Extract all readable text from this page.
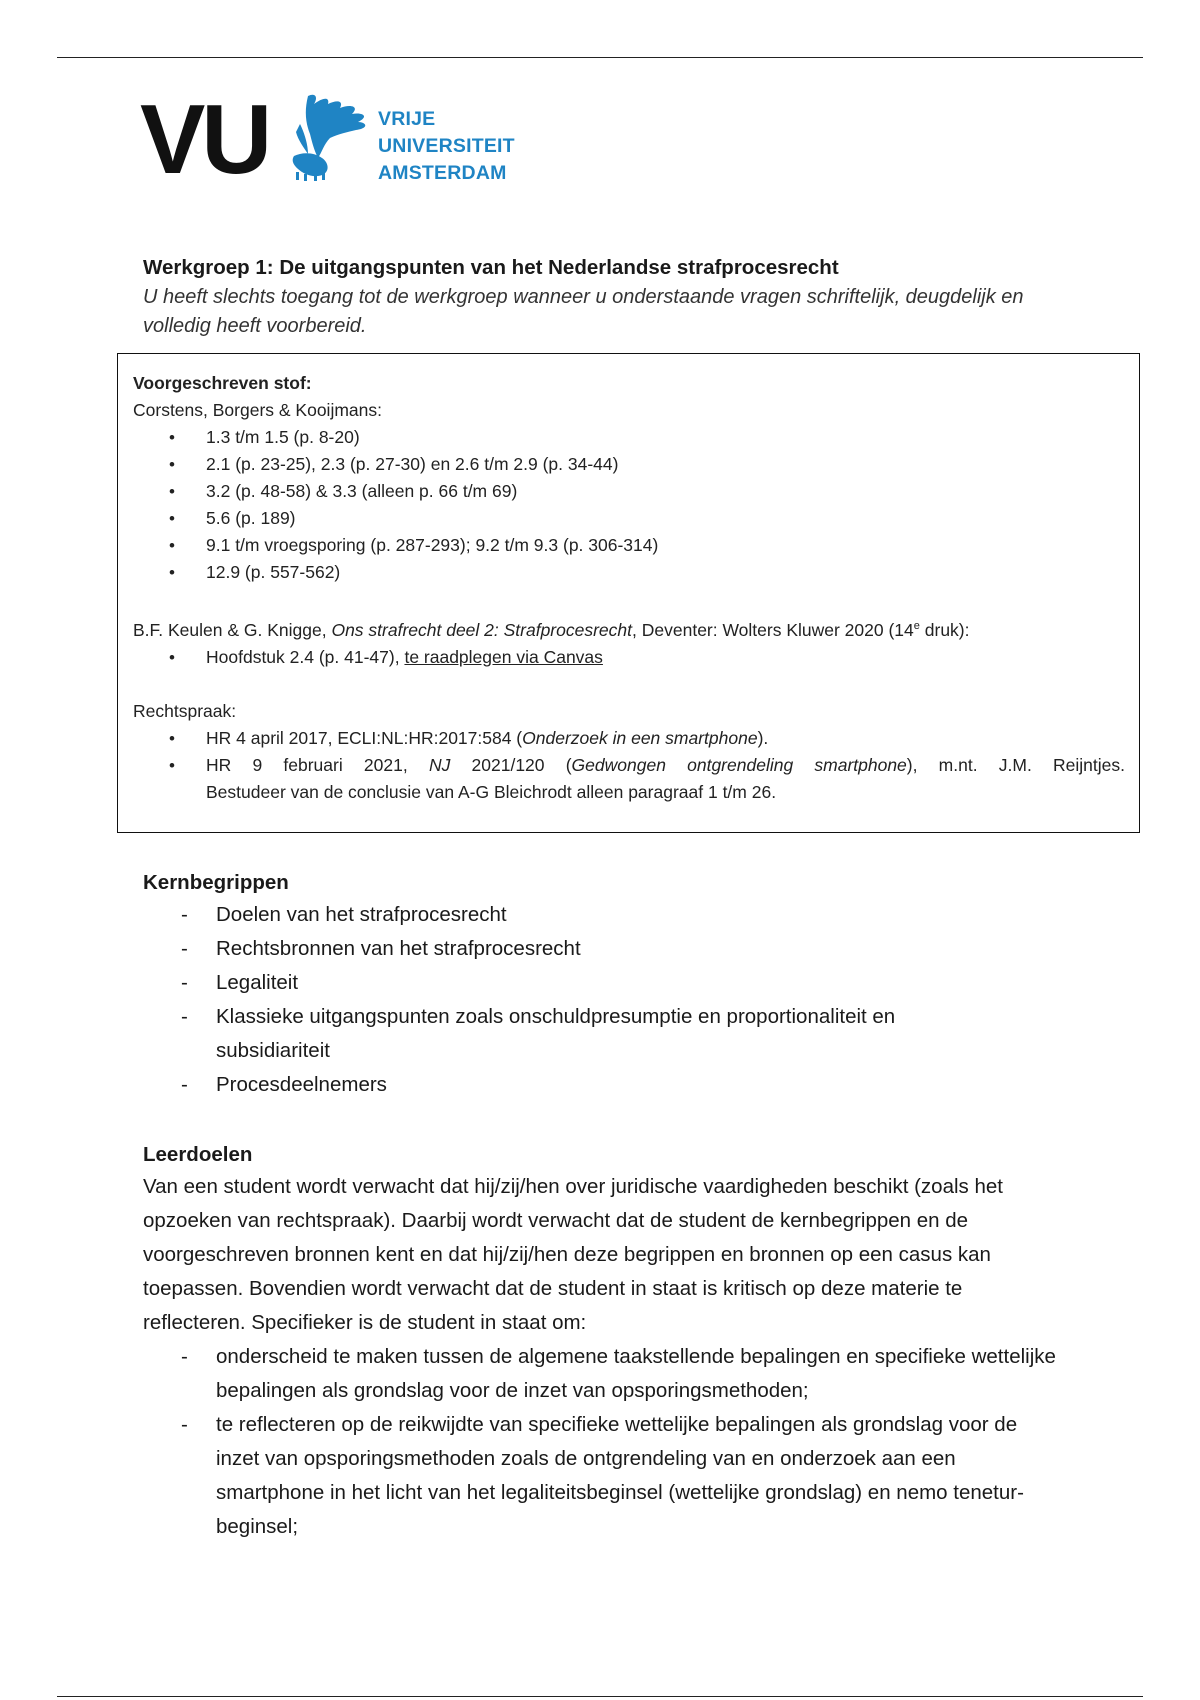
VU	VRIJE
UNIVERSITEIT
AMSTERDAM
Werkgroep 1: De uitgangspunten van het Nederlandse strafprocesrecht
U heeft slechts toegang tot de werkgroep wanneer u onderstaande vragen schriftelijk, deugdelijk en volledig heeft voorbereid.
Voorgeschreven stof:
Corstens, Borgers & Kooijmans:
• 1.3 t/m 1.5 (p. 8-20)
• 2.1 (p. 23-25), 2.3 (p. 27-30) en 2.6 t/m 2.9 (p. 34-44)
• 3.2 (p. 48-58) & 3.3 (alleen p. 66 t/m 69)
• 5.6 (p. 189)
• 9.1 t/m vroegsporing (p. 287-293); 9.2 t/m 9.3 (p. 306-314)
• 12.9 (p. 557-562)
B.F. Keulen & G. Knigge, Ons strafrecht deel 2: Strafprocesrecht, Deventer: Wolters Kluwer 2020 (14e druk):
• Hoofdstuk 2.4 (p. 41-47), te raadplegen via Canvas
Rechtspraak:
• HR 4 april 2017, ECLI:NL:HR:2017:584 (Onderzoek in een smartphone).
• HR 9 februari 2021, NJ 2021/120 (Gedwongen ontgrendeling smartphone), m.nt. J.M. Reijntjes.
Bestudeer van de conclusie van A-G Bleichrodt alleen paragraaf 1 t/m 26.
Kernbegrippen
- Doelen van het strafprocesrecht
- Rechtsbronnen van het strafprocesrecht
- Legaliteit
- Klassieke uitgangspunten zoals onschuldpresumptie en proportionaliteit en subsidiariteit
- Procesdeelnemers
Leerdoelen
Van een student wordt verwacht dat hij/zij/hen over juridische vaardigheden beschikt (zoals het opzoeken van rechtspraak). Daarbij wordt verwacht dat de student de kernbegrippen en de voorgeschreven bronnen kent en dat hij/zij/hen deze begrippen en bronnen op een casus kan toepassen. Bovendien wordt verwacht dat de student in staat is kritisch op deze materie te reflecteren. Specifieker is de student in staat om:
- onderscheid te maken tussen de algemene taakstellende bepalingen en specifieke wettelijke bepalingen als grondslag voor de inzet van opsporingsmethoden;
- te reflecteren op de reikwijdte van specifieke wettelijke bepalingen als grondslag voor de inzet van opsporingsmethoden zoals de ontgrendeling van en onderzoek aan een smartphone in het licht van het legaliteitsbeginsel (wettelijke grondslag) en nemo tenetur-beginsel;
